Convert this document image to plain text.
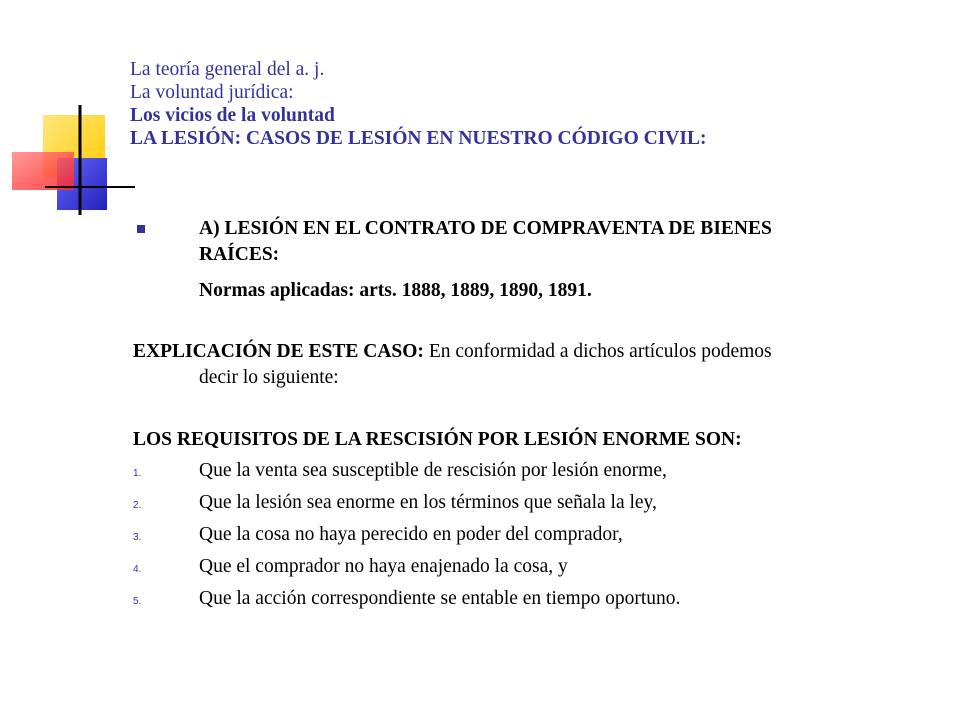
La teoría general del a. j.
La voluntad jurídica:
Los vicios de la voluntad
LA LESIÓN: CASOS DE LESIÓN EN NUESTRO CÓDIGO CIVIL:
A) LESIÓN EN EL CONTRATO DE COMPRAVENTA DE BIENES
RAÍCES:
Normas aplicadas: arts. 1888, 1889, 1890, 1891.
EXPLICACIÓN DE ESTE CASO: En conformidad a dichos artículos podemos
decir lo siguiente:
LOS REQUISITOS DE LA RESCISIÓN POR LESIÓN ENORME SON:
1.	Que la venta sea susceptible de rescisión por lesión enorme,
2.	Que la lesión sea enorme en los términos que señala la ley,
3.	Que la cosa no haya perecido en poder del comprador,
4.	Que el comprador no haya enajenado la cosa, y
5.	Que la acción correspondiente se entable en tiempo oportuno.
